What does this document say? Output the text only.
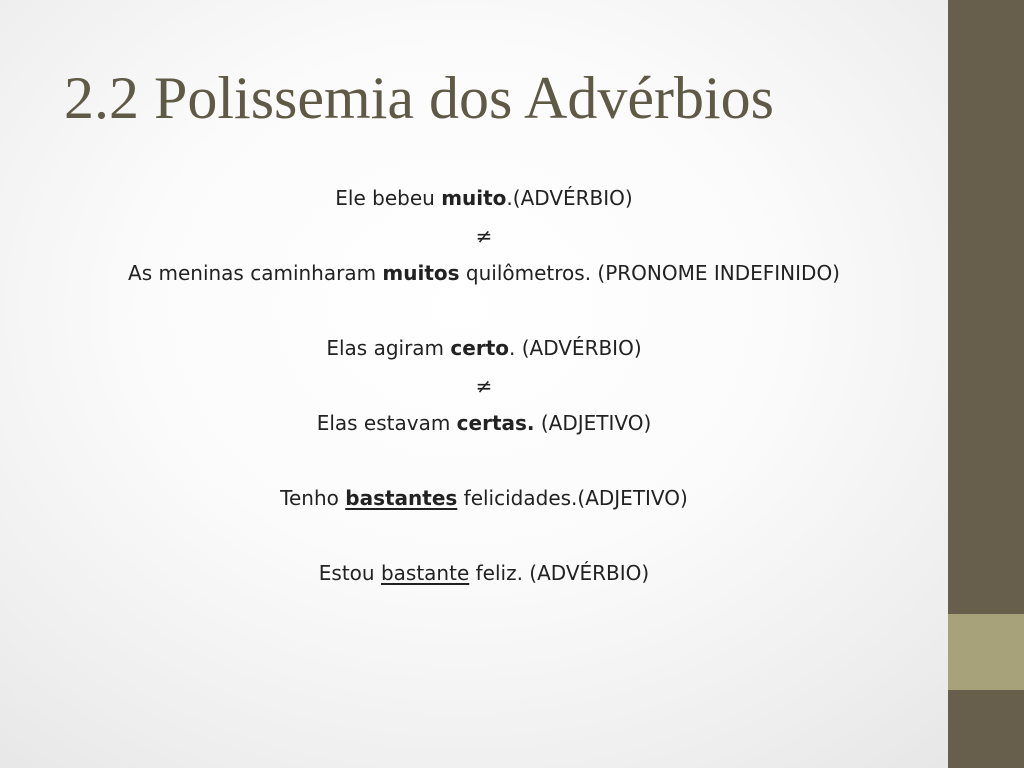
2.2 Polissemia dos Advérbios
Ele bebeu muito.(ADVÉRBIO)
≠
As meninas caminharam muitos quilômetros. (PRONOME INDEFINIDO)
Elas agiram certo. (ADVÉRBIO)
≠
Elas estavam certas. (ADJETIVO)
Tenho bastantes felicidades.(ADJETIVO)
Estou bastante feliz. (ADVÉRBIO)
